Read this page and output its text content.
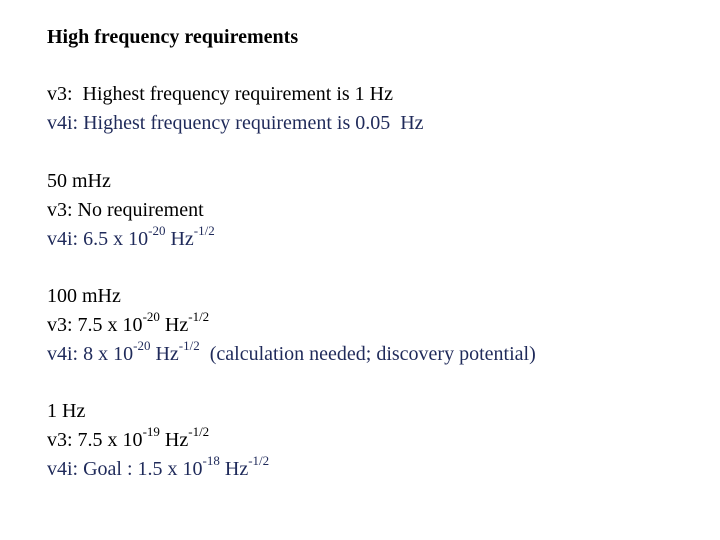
High frequency requirements
v3:  Highest frequency requirement is 1 Hz
v4i: Highest frequency requirement is 0.05  Hz
50 mHz
v3: No requirement
v4i: 6.5 x $10^{-20}$ $Hz^{-1/2}$
100 mHz
v3: 7.5 x $10^{-20}$ $Hz^{-1/2}$
v4i: 8 x $10^{-20}$ $Hz^{-1/2}$  (calculation needed; discovery potential)
1 Hz
v3: 7.5 x $10^{-19}$ $Hz^{-1/2}$
v4i: Goal : 1.5 x $10^{-18}$ $Hz^{-1/2}$
